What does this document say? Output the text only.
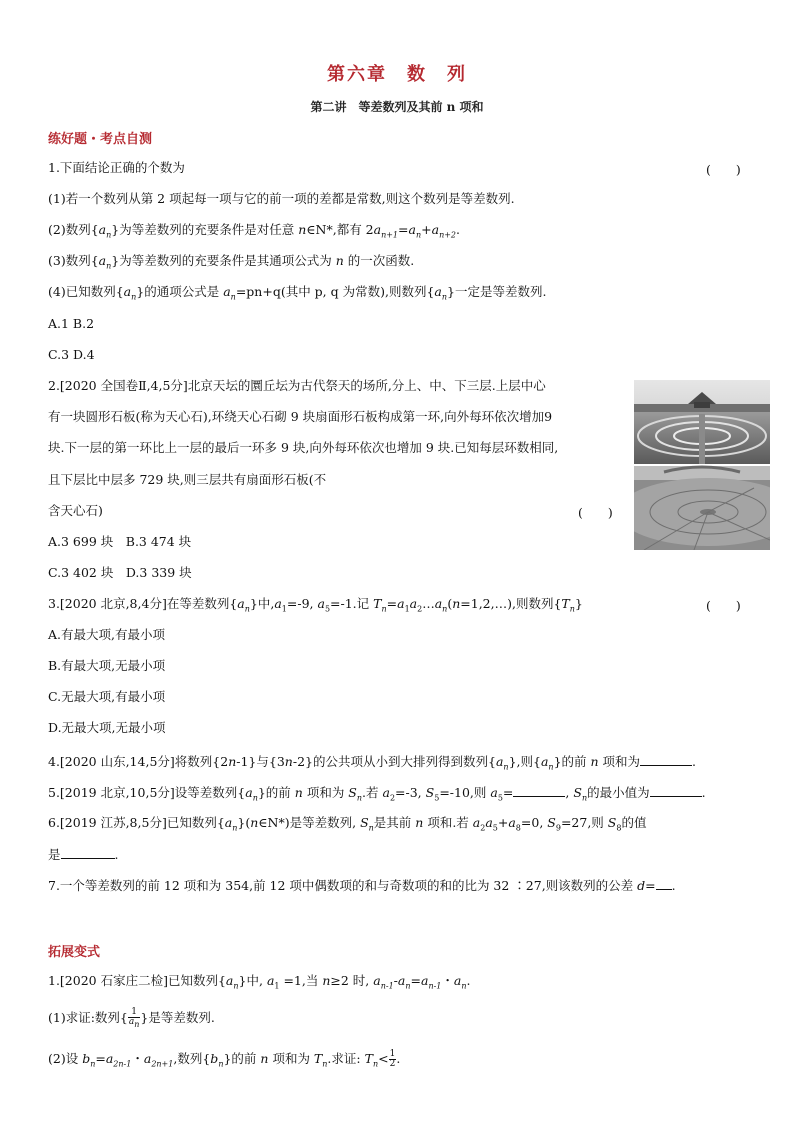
第六章　数　列
第二讲　等差数列及其前 n 项和
练好题・考点自测
1.下面结论正确的个数为	(　　)
(1)若一个数列从第 2 项起每一项与它的前一项的差都是常数,则这个数列是等差数列.
(2)数列$\{a_n\}$为等差数列的充要条件是对任意 n∈N*,都有 $2a_{n+1}=a_n+a_{n+2}$.
(3)数列$\{a_n\}$为等差数列的充要条件是其通项公式为 n 的一次函数.
(4)已知数列$\{a_n\}$的通项公式是 $a_n=pn+q$(其中 p, q 为常数),则数列$\{a_n\}$一定是等差数列.
A.1 B.2
C.3 D.4
2.[2020 全国卷Ⅱ,4,5分]北京天坛的圜丘坛为古代祭天的场所,分上、中、下三层.上层中心
有一块圆形石板(称为天心石),环绕天心石砌 9 块扇面形石板构成第一环,向外每环依次增加9
块.下一层的第一环比上一层的最后一环多 9 块,向外每环依次也增加 9 块.已知每层环数相同,
且下层比中层多 729 块,则三层共有扇面形石板(不
含天心石)	(　　)
A.3 699 块　B.3 474 块
C.3 402 块　D.3 339 块
3.[2020 北京,8,4分]在等差数列$\{a_n\}$中$,a_1=-9$, $a_5=-1$.记 $T_n=a_1a_2\dots a_n(n=1,2,\dots)$,则数列$\{T_n\}$	(　　)
A.有最大项,有最小项
B.有最大项,无最小项
C.无最大项,有最小项
D.无最大项,无最小项
4.[2020 山东,14,5分]将数列{2n-1}与{3n-2}的公共项从小到大排列得到数列$\{a_n\}$,则$\{a_n\}$的前 n 项和为	.
5.[2019 北京,10,5分]设等差数列$\{a_n\}$的前 n 项和为 $S_n$.若 $a_2=-3$, $S_5=-10$,则 $a_5=$	, $S_n$的最小值为	.
6.[2019 江苏,8,5分]已知数列$\{a_n\}(n\in N*)$是等差数列, $S_n$是其前 n 项和.若 $a_2a_5+a_8=0$, $S_9=27$,则 $S_8$的值
是	.
7.一个等差数列的前 12 项和为 354,前 12 项中偶数项的和与奇数项的和的比为 32 ∶27,则该数列的公差 d= .
拓展变式
1.[2020 石家庄二检]已知数列$\{a_n\}$中, $a_1 =1$,当 n≥2 时, $a_{n-1}-a_n=a_{n-1}$・$a_n$.
(1)求证:数列{ $\frac{1}{a_n}$ }是等差数列.
(2)设 $b_n=a_{2n-1}$・$a_{2n+1}$,数列$\{b_n\}$的前 n 项和为 $T_n$.求证: $T_n< \frac{1}{2}$ .
